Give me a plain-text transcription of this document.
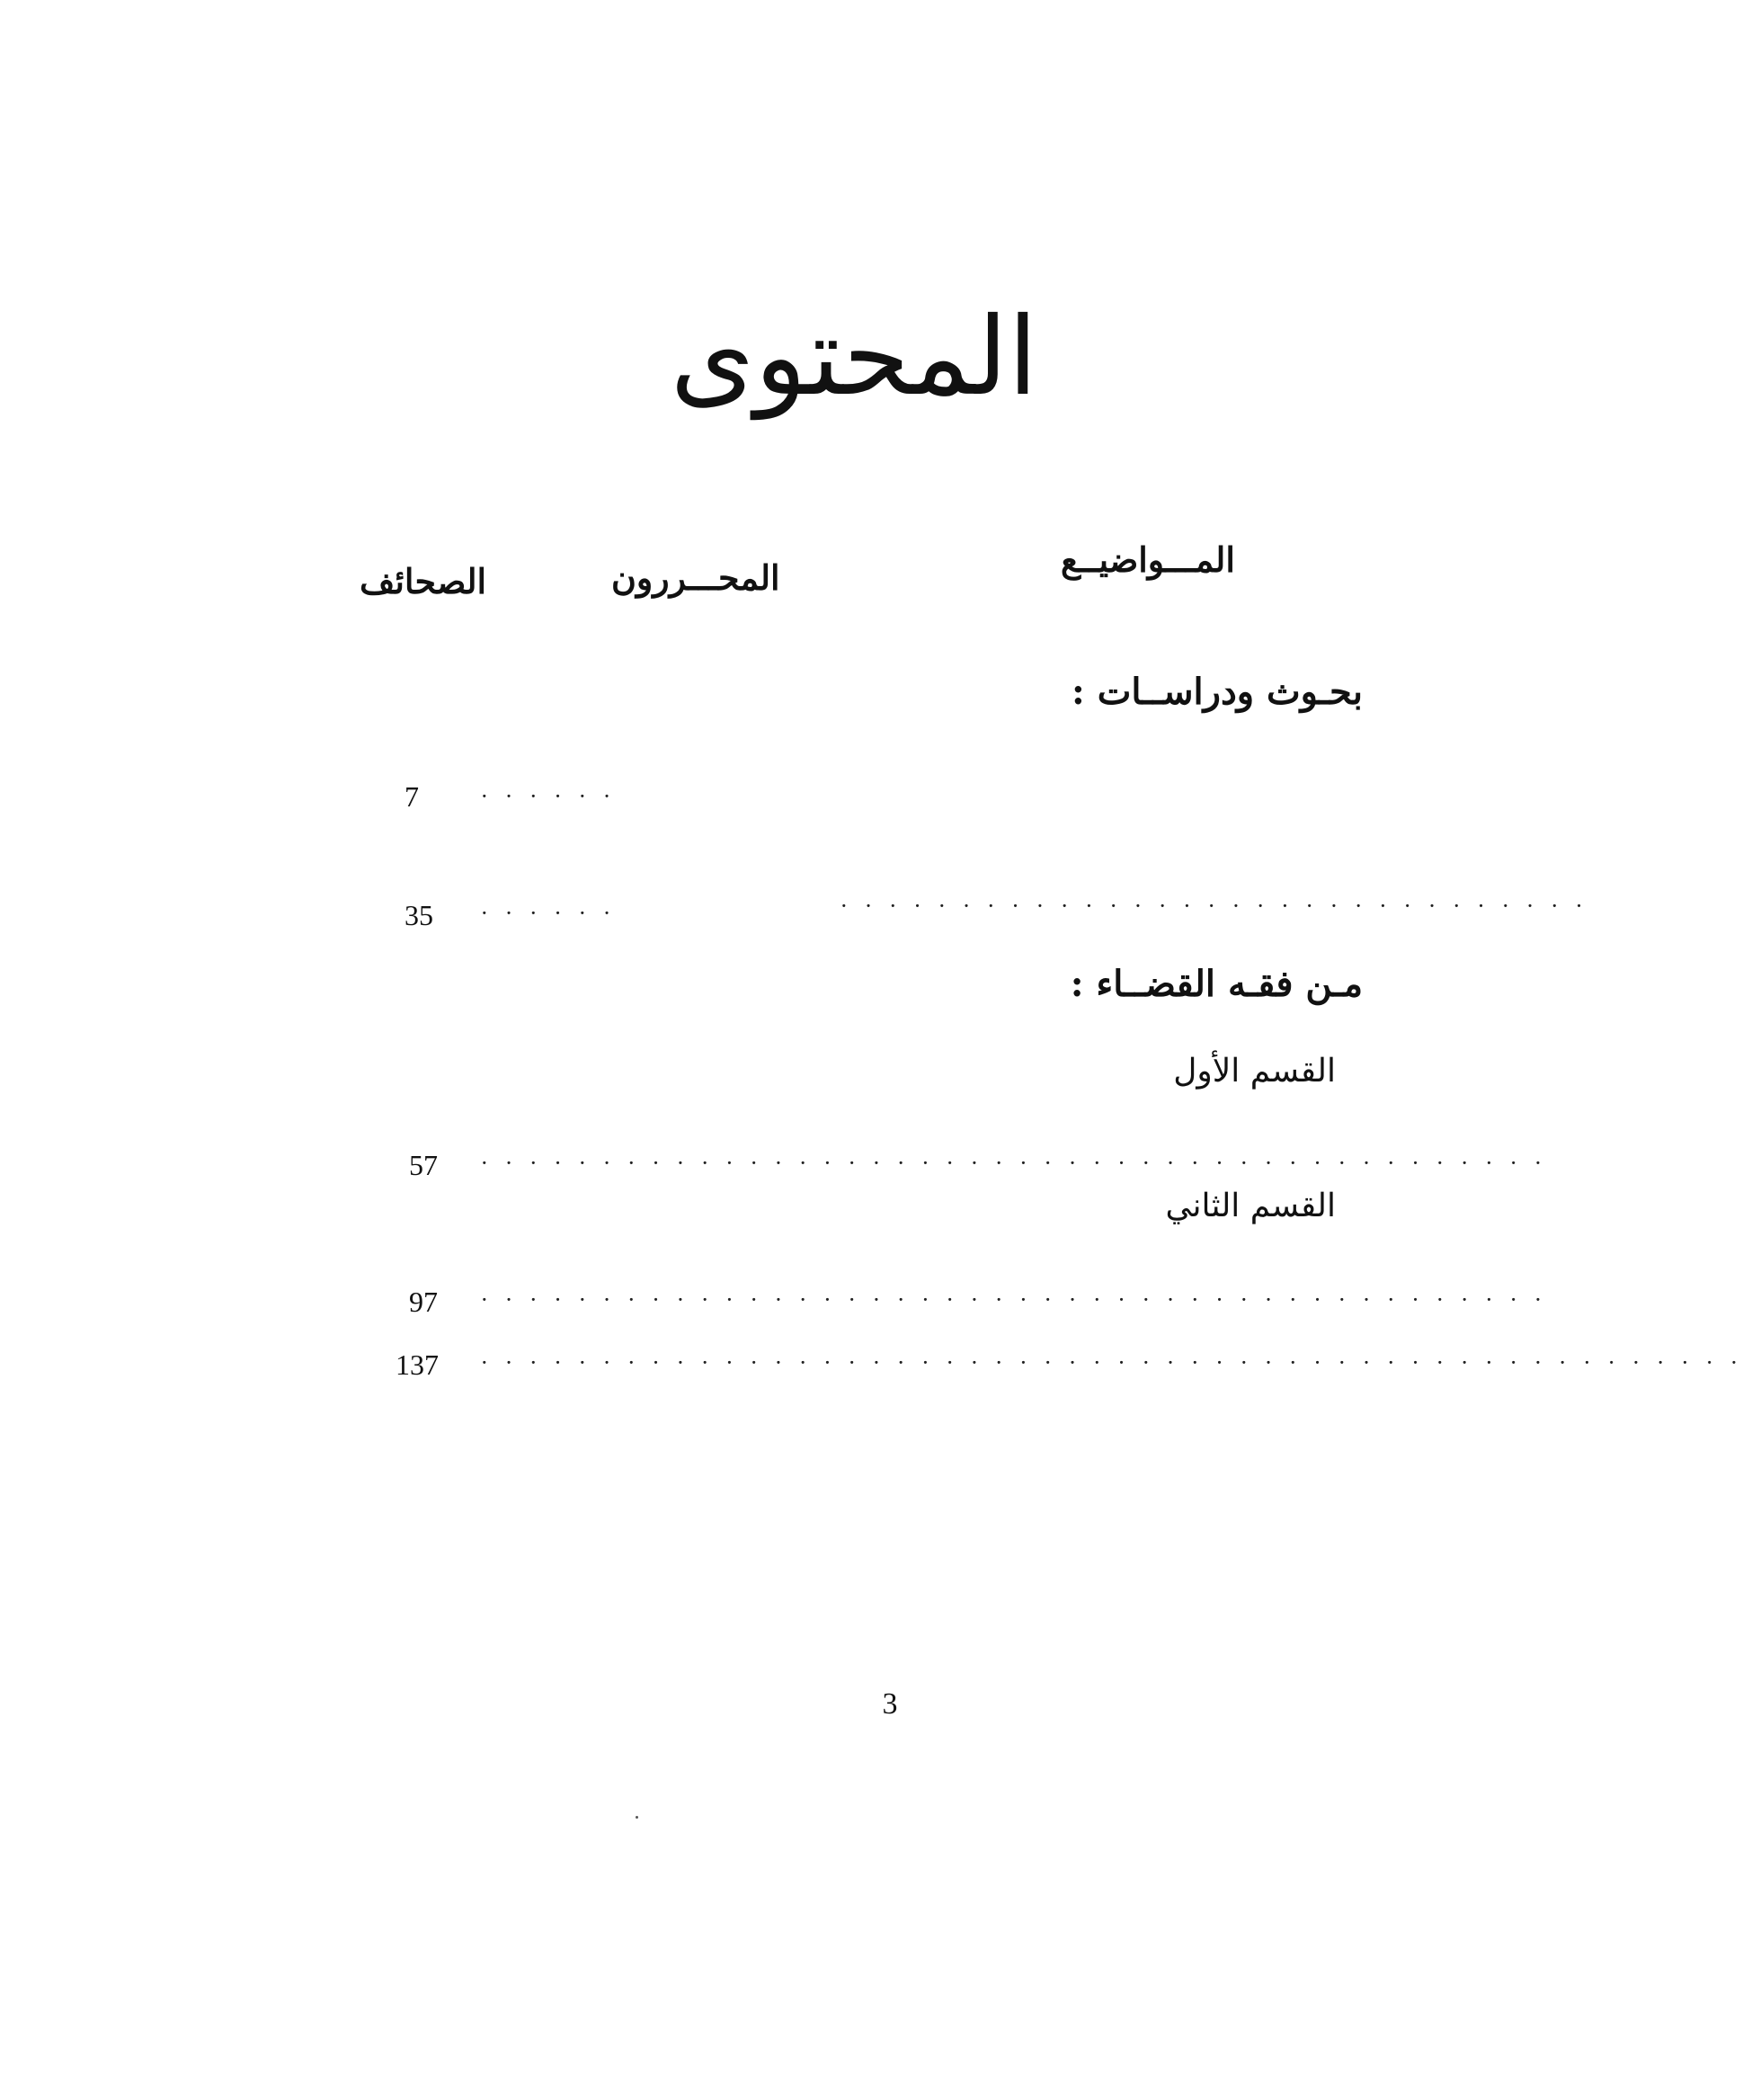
المحتوى
المـــواضيــع
المحـــررون
الصحائف
بحـوث ودراســات :
· · · · · ·
7
· · · · · · · · · · · · · · · · · · · · · · · · · · · · · · ·
· · · · · ·
35
مـن فقـه القضــاء :
القسم الأول
· · · · · · · · · · · · · · · · · · · · · · · · · · · · · · · · · · · · · · · · · · · ·
57
القسم الثاني
· · · · · · · · · · · · · · · · · · · · · · · · · · · · · · · · · · · · · · · · · · · ·
97
· · · · · · · · · · · · · · · · · · · · · · · · · · · · · · · · · · · · · · · · · · · · · · · · · · · ·
137
3
